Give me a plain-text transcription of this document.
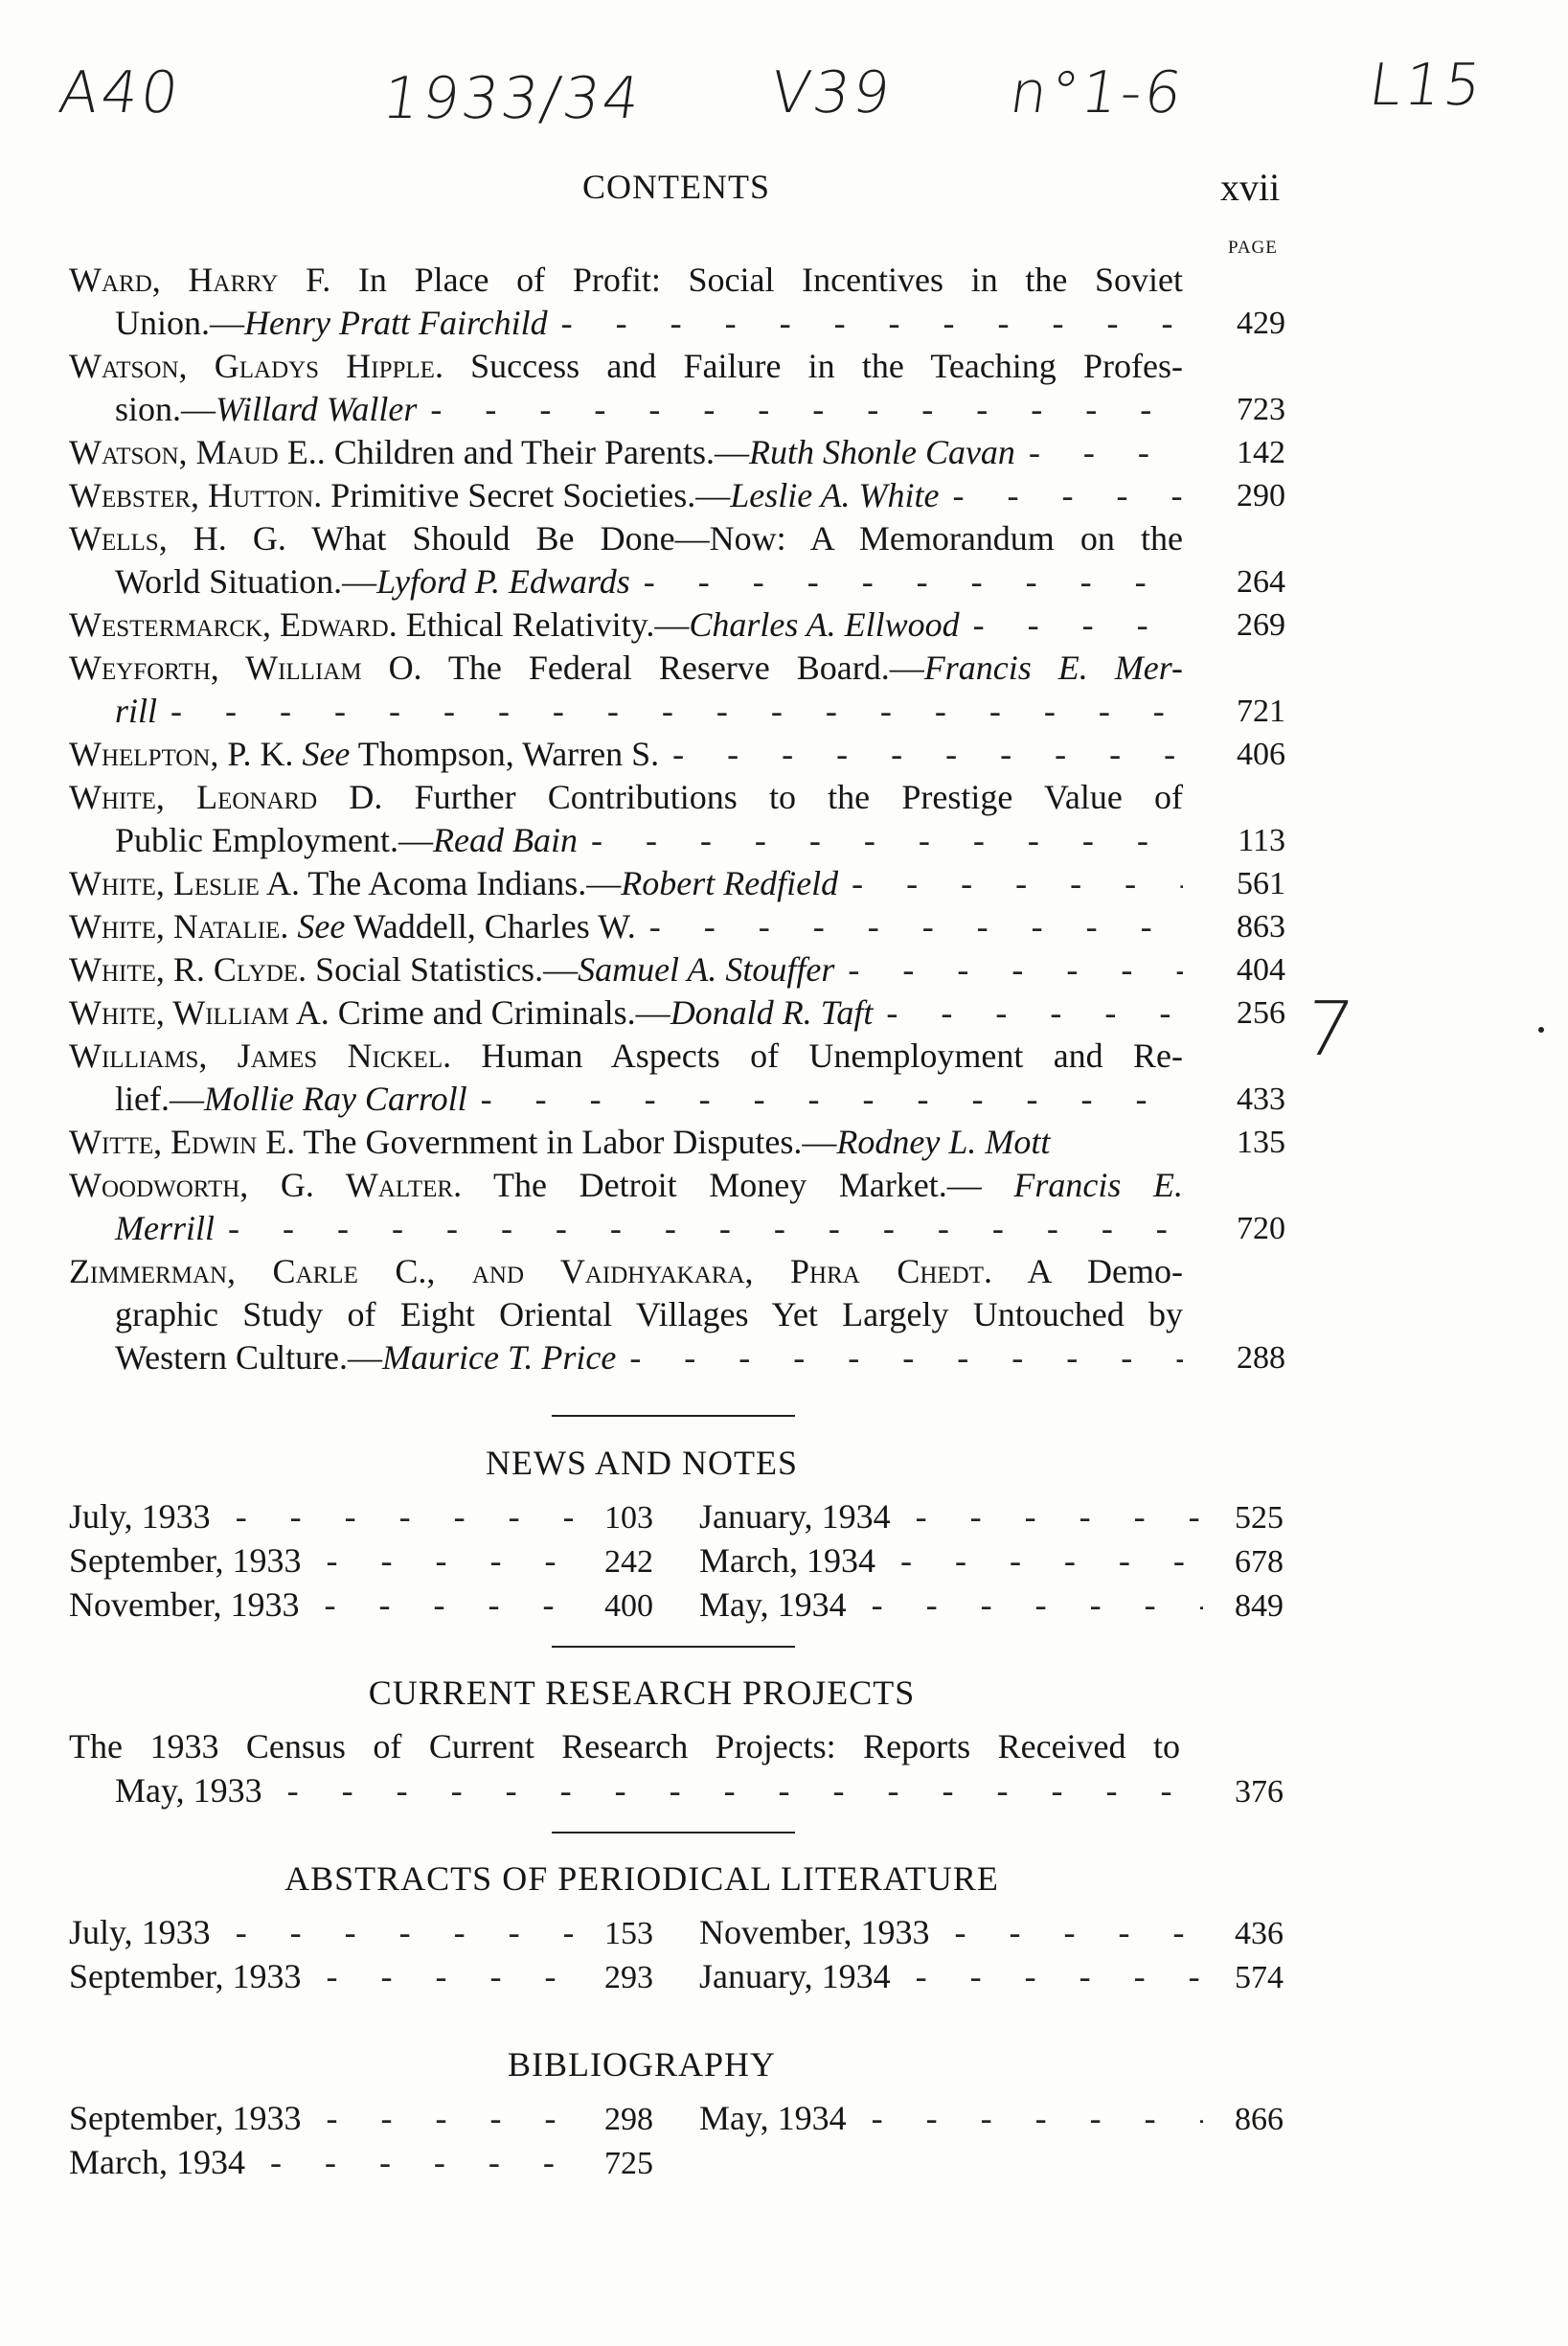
A40	1933/34 V39 n°1-6	L15
7
CONTENTS	xvii
PAGE
Ward, Harry F. In Place of Profit: Social Incentives in the Soviet
Union.—Henry Pratt Fairchild -	429
Watson, Gladys Hipple. Success and Failure in the Teaching Profes-
sion.—Willard Waller -	723
Watson, Maud E.. Children and Their Parents.—Ruth Shonle Cavan -	142
Webster, Hutton. Primitive Secret Societies.—Leslie A. White -	290
Wells, H. G. What Should Be Done—Now: A Memorandum on the
World Situation.—Lyford P. Edwards -	264
Westermarck, Edward. Ethical Relativity.—Charles A. Ellwood -	269
Weyforth, William O. The Federal Reserve Board.—Francis E. Mer-
rill -	721
Whelpton, P. K. See Thompson, Warren S. -	406
White, Leonard D. Further Contributions to the Prestige Value of
Public Employment.—Read Bain -	113
White, Leslie A. The Acoma Indians.—Robert Redfield -	561
White, Natalie. See Waddell, Charles W. -	863
White, R. Clyde. Social Statistics.—Samuel A. Stouffer -	404
White, William A. Crime and Criminals.—Donald R. Taft -	256
Williams, James Nickel. Human Aspects of Unemployment and Re-
lief.—Mollie Ray Carroll -	433
Witte, Edwin E. The Government in Labor Disputes.—Rodney L. Mott	135
Woodworth, G. Walter. The Detroit Money Market.— Francis E.
Merrill -	720
Zimmerman, Carle C., and Vaidhyakara, Phra Chedt. A Demo-
graphic Study of Eight Oriental Villages Yet Largely Untouched by
Western Culture.—Maurice T. Price -	288
NEWS AND NOTES
July, 1933 -	103 January, 1934 -	525
September, 1933 -	242 March, 1934 -	678
November, 1933 -	400 May, 1934 -	849
CURRENT RESEARCH PROJECTS
The 1933 Census of Current Research Projects: Reports Received to
May, 1933 -	376
ABSTRACTS OF PERIODICAL LITERATURE
July, 1933 -	153 November, 1933 -	436
September, 1933 -	293 January, 1934 -	574
BIBLIOGRAPHY
September, 1933 -	298 May, 1934 -	866
March, 1934 -	725
